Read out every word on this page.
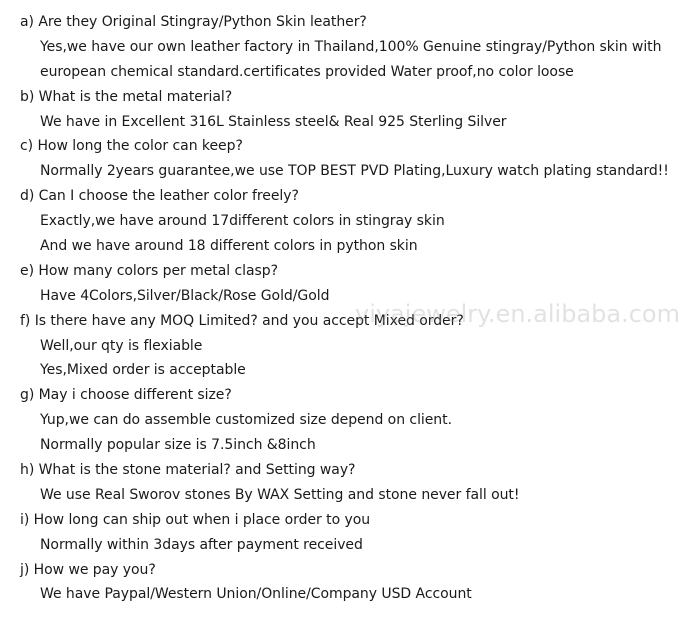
a) Are they Original Stingray/Python Skin leather?
Yes,we have our own leather factory in Thailand,100% Genuine stingray/Python skin with
european chemical standard.certificates provided Water proof,no color loose
b) What is the metal material?
We have in Excellent 316L Stainless steel& Real 925 Sterling Silver
c) How long the color can keep?
Normally 2years guarantee,we use TOP BEST PVD Plating,Luxury watch plating standard!!
d) Can I choose the leather color freely?
Exactly,we have around 17different colors in stingray skin
And we have around 18 different colors in python skin
e) How many colors per metal clasp?
Have 4Colors,Silver/Black/Rose Gold/Gold
f) Is there have any MOQ Limited? and you accept Mixed order?
Well,our qty is flexiable
Yes,Mixed order is acceptable
g) May i choose different size?
Yup,we can do assemble customized size depend on client.
Normally popular size is 7.5inch &8inch
h) What is the stone material? and Setting way?
We use Real Sworov stones By WAX Setting and stone never fall out!
i) How long can ship out when i place order to you
Normally within 3days after payment received
j) How we pay you?
We have Paypal/Western Union/Online/Company USD Account
viyajewelry.en.alibaba.com
